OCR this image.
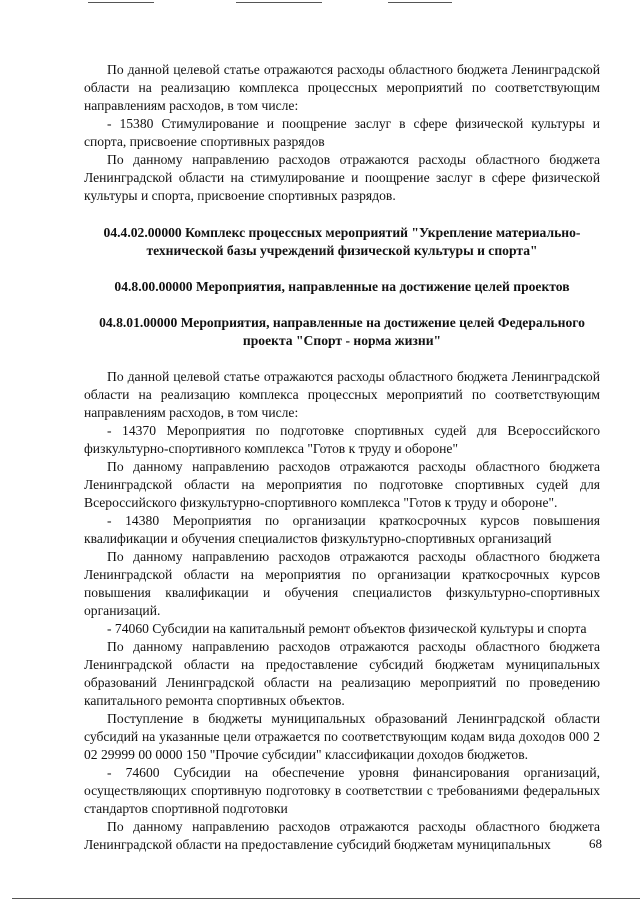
По данной целевой статье отражаются расходы областного бюджета Ленинградской области на реализацию комплекса процессных мероприятий по соответствующим направлениям расходов, в том числе:

- 15380 Стимулирование и поощрение заслуг в сфере физической культуры и спорта, присвоение спортивных разрядов

По данному направлению расходов отражаются расходы областного бюджета Ленинградской области на стимулирование и поощрение заслуг в сфере физической культуры и спорта, присвоение спортивных разрядов.

04.4.02.00000 Комплекс процессных мероприятий "Укрепление материально-технической базы учреждений физической культуры и спорта"

04.8.00.00000 Мероприятия, направленные на достижение целей проектов

04.8.01.00000 Мероприятия, направленные на достижение целей Федерального проекта "Спорт - норма жизни"

По данной целевой статье отражаются расходы областного бюджета Ленинградской области на реализацию комплекса процессных мероприятий по соответствующим направлениям расходов, в том числе:

- 14370 Мероприятия по подготовке спортивных судей для Всероссийского физкультурно-спортивного комплекса "Готов к труду и обороне"

По данному направлению расходов отражаются расходы областного бюджета Ленинградской области на мероприятия по подготовке спортивных судей для Всероссийского физкультурно-спортивного комплекса "Готов к труду и обороне".

- 14380 Мероприятия по организации краткосрочных курсов повышения квалификации и обучения специалистов физкультурно-спортивных организаций

По данному направлению расходов отражаются расходы областного бюджета Ленинградской области на мероприятия по организации краткосрочных курсов повышения квалификации и обучения специалистов физкультурно-спортивных организаций.

- 74060 Субсидии на капитальный ремонт объектов физической культуры и спорта

По данному направлению расходов отражаются расходы областного бюджета Ленинградской области на предоставление субсидий бюджетам муниципальных образований Ленинградской области на реализацию мероприятий по проведению капитального ремонта спортивных объектов.

Поступление в бюджеты муниципальных образований Ленинградской области субсидий на указанные цели отражается по соответствующим кодам вида доходов 000 2 02 29999 00 0000 150 "Прочие субсидии" классификации доходов бюджетов.

- 74600 Субсидии на обеспечение уровня финансирования организаций, осуществляющих спортивную подготовку в соответствии с требованиями федеральных стандартов спортивной подготовки

По данному направлению расходов отражаются расходы областного бюджета Ленинградской области на предоставление субсидий бюджетам муниципальных	68
